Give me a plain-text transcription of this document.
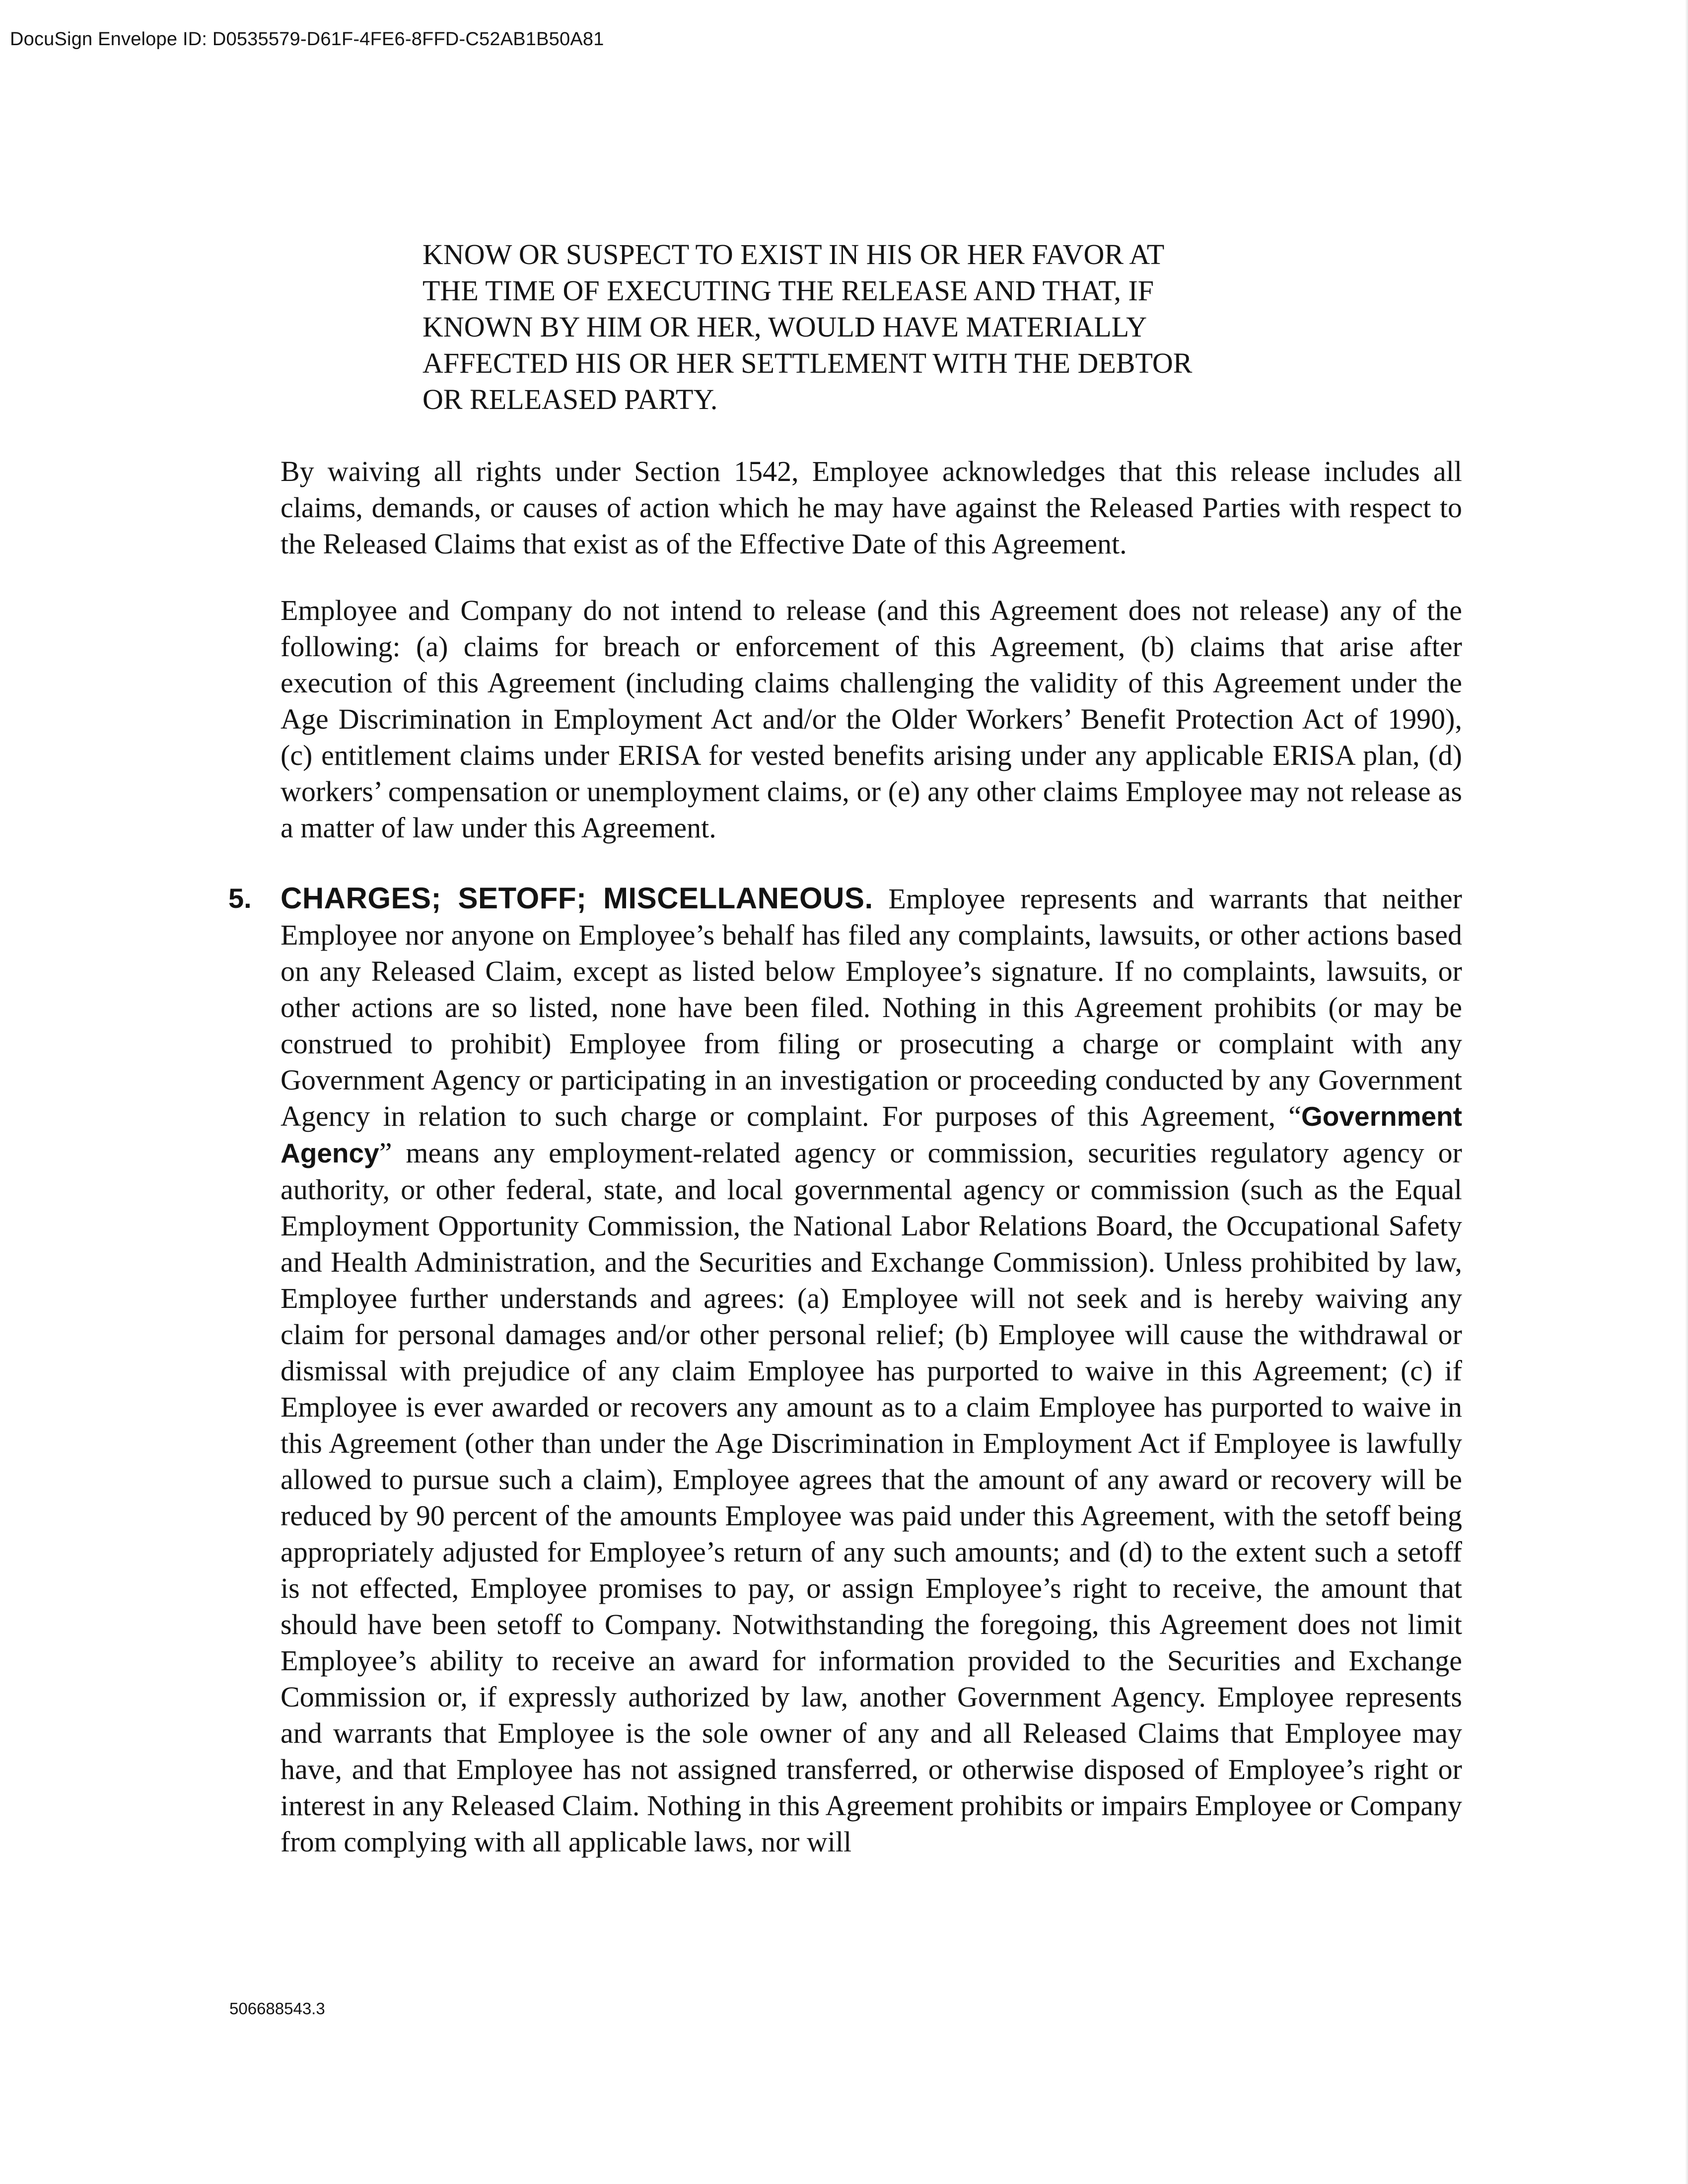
DocuSign Envelope ID: D0535579-D61F-4FE6-8FFD-C52AB1B50A81

KNOW OR SUSPECT TO EXIST IN HIS OR HER FAVOR AT

THE TIME OF EXECUTING THE RELEASE AND THAT, IF

KNOWN BY HIM OR HER, WOULD HAVE MATERIALLY

AFFECTED HIS OR HER SETTLEMENT WITH THE DEBTOR

OR RELEASED PARTY.

By waiving all rights under Section 1542, Employee acknowledges that this release includes all claims, demands, or causes of action which he may have against the Released Parties with respect to the Released Claims that exist as of the Effective Date of this Agreement.

Employee and Company do not intend to release (and this Agreement does not release) any of the following: (a) claims for breach or enforcement of this Agreement, (b) claims that arise after execution of this Agreement (including claims challenging the validity of this Agreement under the Age Discrimination in Employment Act and/or the Older Workers’ Benefit Protection Act of 1990), (c) entitlement claims under ERISA for vested benefits arising under any applicable ERISA plan, (d) workers’ compensation or unemployment claims, or (e) any other claims Employee may not release as a matter of law under this Agreement.

5. CHARGES; SETOFF; MISCELLANEOUS. Employee represents and warrants that neither Employee nor anyone on Employee’s behalf has filed any complaints, lawsuits, or other actions based on any Released Claim, except as listed below Employee’s signature. If no complaints, lawsuits, or other actions are so listed, none have been filed. Nothing in this Agreement prohibits (or may be construed to prohibit) Employee from filing or prosecuting a charge or complaint with any Government Agency or participating in an investigation or proceeding conducted by any Government Agency in relation to such charge or complaint. For purposes of this Agreement, “Government Agency” means any employment-related agency or commission, securities regulatory agency or authority, or other federal, state, and local governmental agency or commission (such as the Equal Employment Opportunity Commission, the National Labor Relations Board, the Occupational Safety and Health Administration, and the Securities and Exchange Commission). Unless prohibited by law, Employee further understands and agrees: (a) Employee will not seek and is hereby waiving any claim for personal damages and/or other personal relief; (b) Employee will cause the withdrawal or dismissal with prejudice of any claim Employee has purported to waive in this Agreement; (c) if Employee is ever awarded or recovers any amount as to a claim Employee has purported to waive in this Agreement (other than under the Age Discrimination in Employment Act if Employee is lawfully allowed to pursue such a claim), Employee agrees that the amount of any award or recovery will be reduced by 90 percent of the amounts Employee was paid under this Agreement, with the setoff being appropriately adjusted for Employee’s return of any such amounts; and (d) to the extent such a setoff is not effected, Employee promises to pay, or assign Employee’s right to receive, the amount that should have been setoff to Company. Notwithstanding the foregoing, this Agreement does not limit Employee’s ability to receive an award for information provided to the Securities and Exchange Commission or, if expressly authorized by law, another Government Agency. Employee represents and warrants that Employee is the sole owner of any and all Released Claims that Employee may have, and that Employee has not assigned transferred, or otherwise disposed of Employee’s right or interest in any Released Claim. Nothing in this Agreement prohibits or impairs Employee or Company from complying with all applicable laws, nor will

506688543.3
